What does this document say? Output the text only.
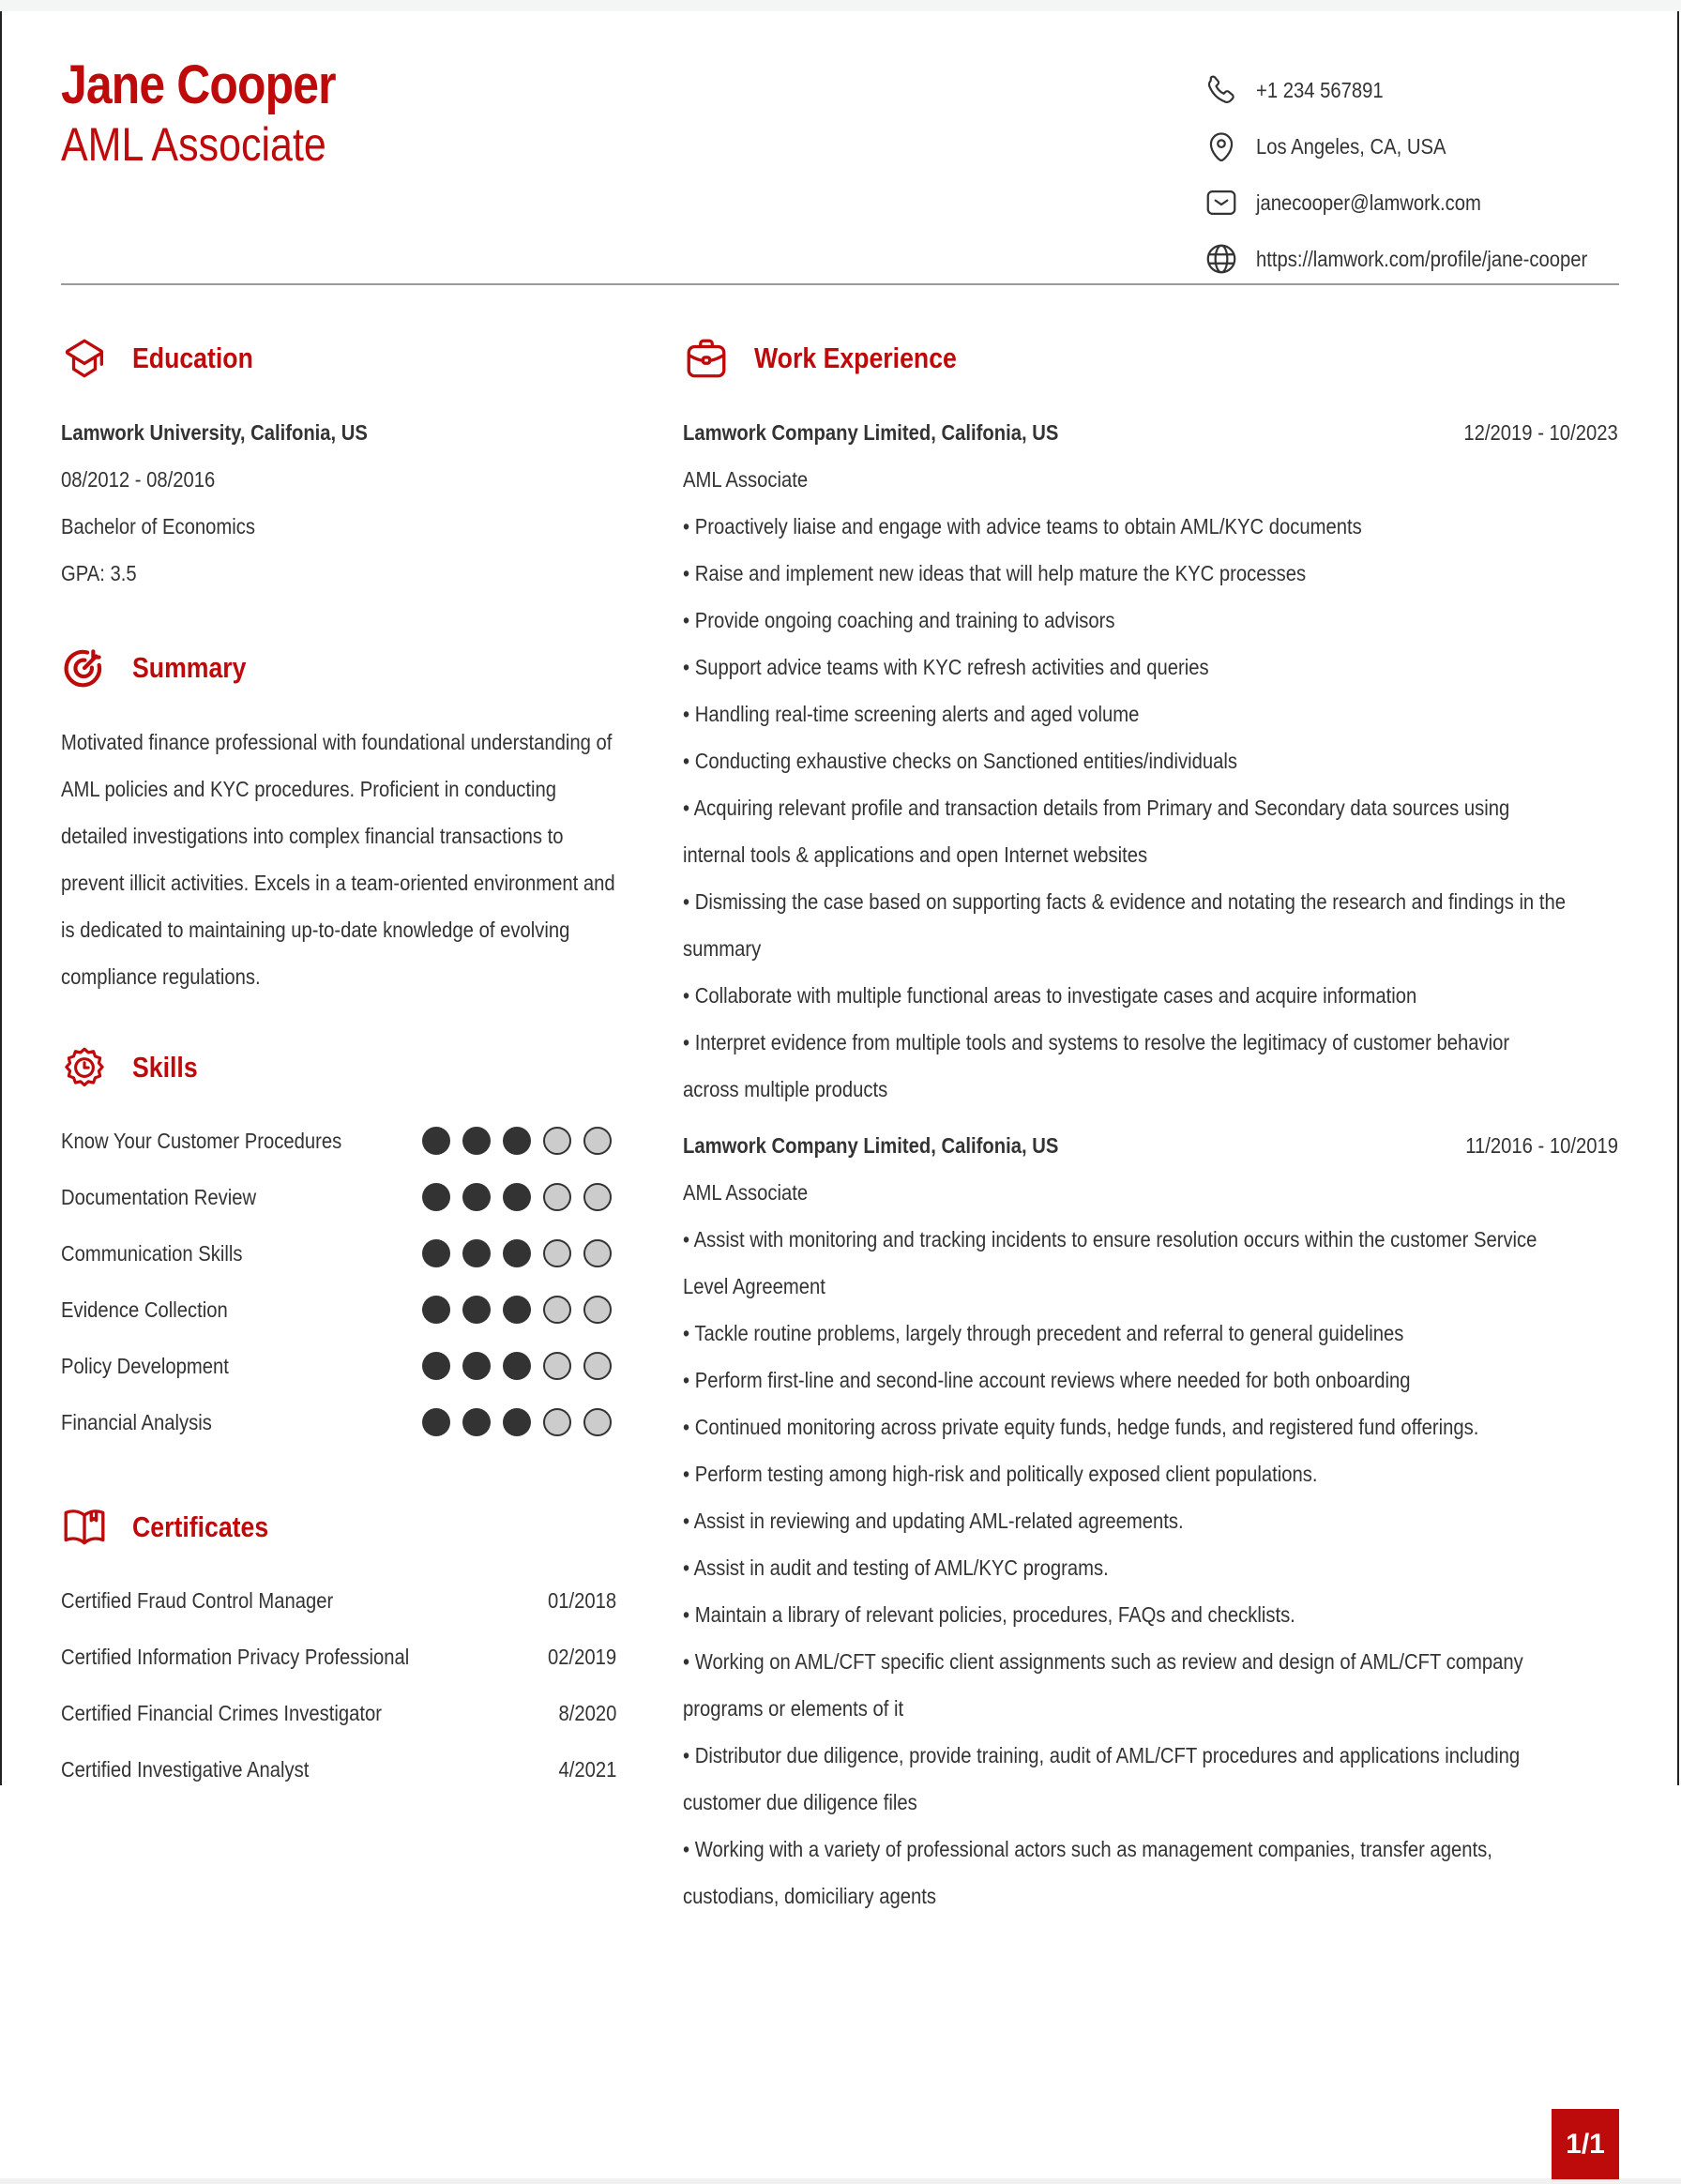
Jane Cooper
AML Associate
+1 234 567891
Los Angeles, CA, USA
janecooper@lamwork.com
https://lamwork.com/profile/jane-cooper
Education
Lamwork University, Califonia, US
08/2012 - 08/2016
Bachelor of Economics
GPA: 3.5
Summary
Motivated finance professional with foundational understanding of AML policies and KYC procedures. Proficient in conducting detailed investigations into complex financial transactions to prevent illicit activities. Excels in a team-oriented environment and is dedicated to maintaining up-to-date knowledge of evolving compliance regulations.
Skills
Know Your Customer Procedures
Documentation Review
Communication Skills
Evidence Collection
Policy Development
Financial Analysis
Certificates
Certified Fraud Control Manager	01/2018
Certified Information Privacy Professional	02/2019
Certified Financial Crimes Investigator	8/2020
Certified Investigative Analyst	4/2021
Work Experience
Lamwork Company Limited, Califonia, US	12/2019 - 10/2023
AML Associate
• Proactively liaise and engage with advice teams to obtain AML/KYC documents
• Raise and implement new ideas that will help mature the KYC processes
• Provide ongoing coaching and training to advisors
• Support advice teams with KYC refresh activities and queries
• Handling real-time screening alerts and aged volume
• Conducting exhaustive checks on Sanctioned entities/individuals
• Acquiring relevant profile and transaction details from Primary and Secondary data sources using
internal tools & applications and open Internet websites
• Dismissing the case based on supporting facts & evidence and notating the research and findings in the
summary
• Collaborate with multiple functional areas to investigate cases and acquire information
• Interpret evidence from multiple tools and systems to resolve the legitimacy of customer behavior
across multiple products
Lamwork Company Limited, Califonia, US	11/2016 - 10/2019
AML Associate
• Assist with monitoring and tracking incidents to ensure resolution occurs within the customer Service
Level Agreement
• Tackle routine problems, largely through precedent and referral to general guidelines
• Perform first-line and second-line account reviews where needed for both onboarding
• Continued monitoring across private equity funds, hedge funds, and registered fund offerings.
• Perform testing among high-risk and politically exposed client populations.
• Assist in reviewing and updating AML-related agreements.
• Assist in audit and testing of AML/KYC programs.
• Maintain a library of relevant policies, procedures, FAQs and checklists.
• Working on AML/CFT specific client assignments such as review and design of AML/CFT company
programs or elements of it
• Distributor due diligence, provide training, audit of AML/CFT procedures and applications including
customer due diligence files
• Working with a variety of professional actors such as management companies, transfer agents,
custodians, domiciliary agents
1/1
